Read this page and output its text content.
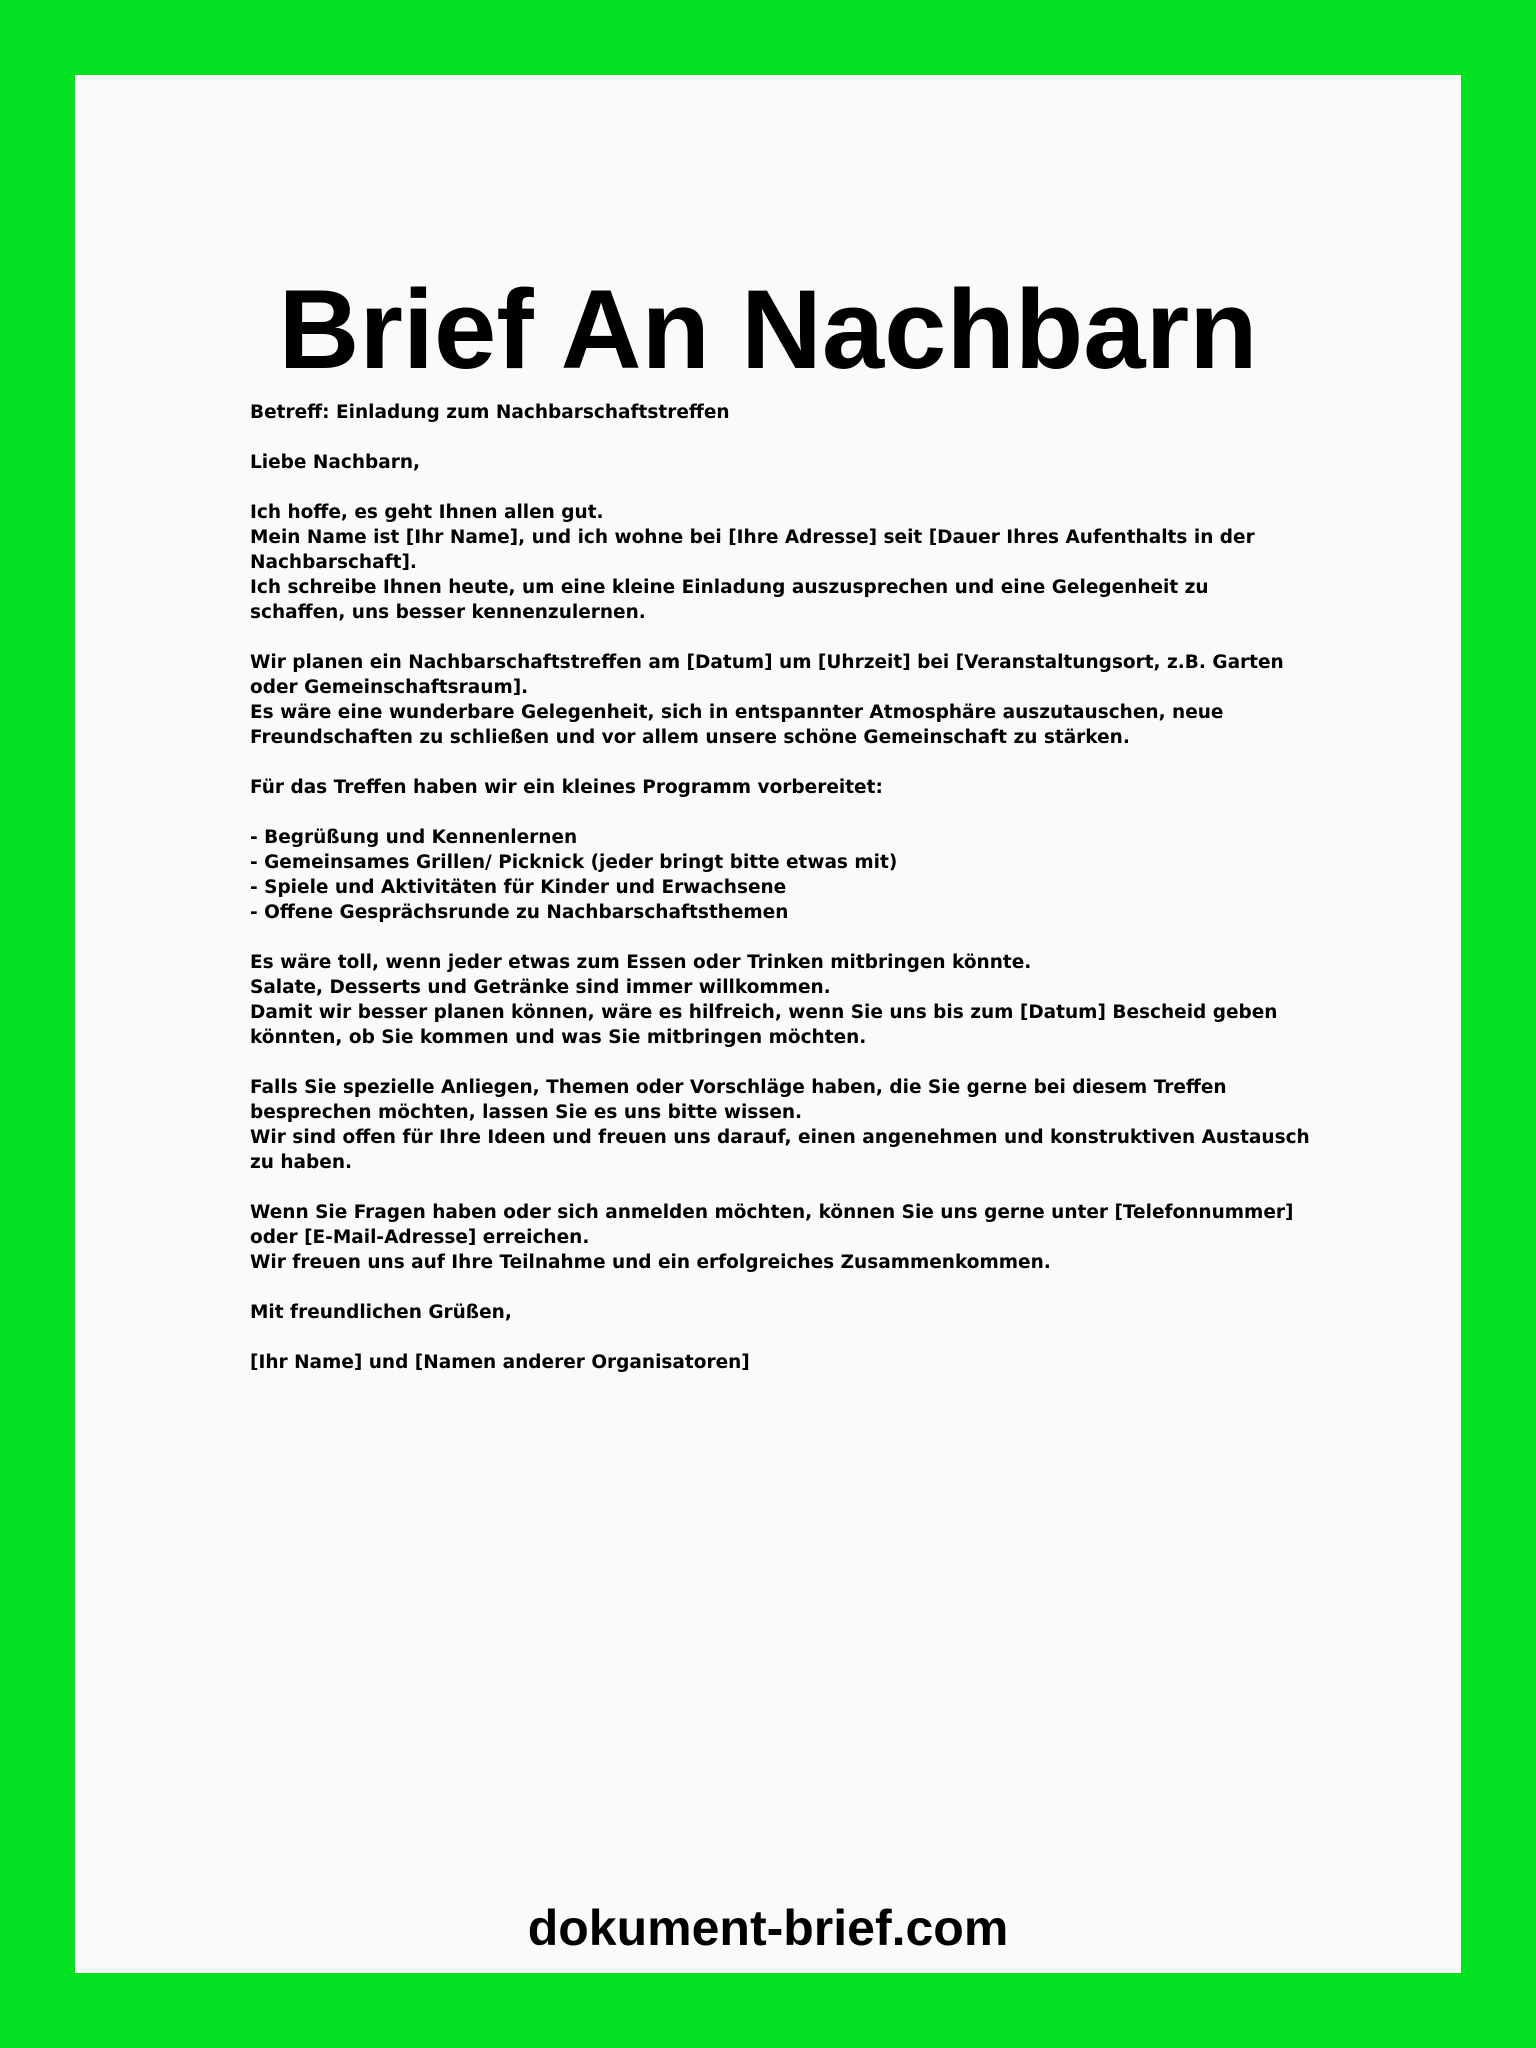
Brief An Nachbarn

Betreff: Einladung zum Nachbarschaftstreffen

Liebe Nachbarn,

Ich hoffe, es geht Ihnen allen gut.
Mein Name ist [Ihr Name], und ich wohne bei [Ihre Adresse] seit [Dauer Ihres Aufenthalts in der Nachbarschaft].
Ich schreibe Ihnen heute, um eine kleine Einladung auszusprechen und eine Gelegenheit zu schaffen, uns besser kennenzulernen.

Wir planen ein Nachbarschaftstreffen am [Datum] um [Uhrzeit] bei [Veranstaltungsort, z.B. Garten oder Gemeinschaftsraum].
Es wäre eine wunderbare Gelegenheit, sich in entspannter Atmosphäre auszutauschen, neue Freundschaften zu schließen und vor allem unsere schöne Gemeinschaft zu stärken.

Für das Treffen haben wir ein kleines Programm vorbereitet:

- Begrüßung und Kennenlernen
- Gemeinsames Grillen/ Picknick (jeder bringt bitte etwas mit)
- Spiele und Aktivitäten für Kinder und Erwachsene
- Offene Gesprächsrunde zu Nachbarschaftsthemen

Es wäre toll, wenn jeder etwas zum Essen oder Trinken mitbringen könnte.
Salate, Desserts und Getränke sind immer willkommen.
Damit wir besser planen können, wäre es hilfreich, wenn Sie uns bis zum [Datum] Bescheid geben könnten, ob Sie kommen und was Sie mitbringen möchten.

Falls Sie spezielle Anliegen, Themen oder Vorschläge haben, die Sie gerne bei diesem Treffen besprechen möchten, lassen Sie es uns bitte wissen.
Wir sind offen für Ihre Ideen und freuen uns darauf, einen angenehmen und konstruktiven Austausch zu haben.

Wenn Sie Fragen haben oder sich anmelden möchten, können Sie uns gerne unter [Telefonnummer] oder [E-Mail-Adresse] erreichen.
Wir freuen uns auf Ihre Teilnahme und ein erfolgreiches Zusammenkommen.

Mit freundlichen Grüßen,

[Ihr Name] und [Namen anderer Organisatoren]

dokument-brief.com
